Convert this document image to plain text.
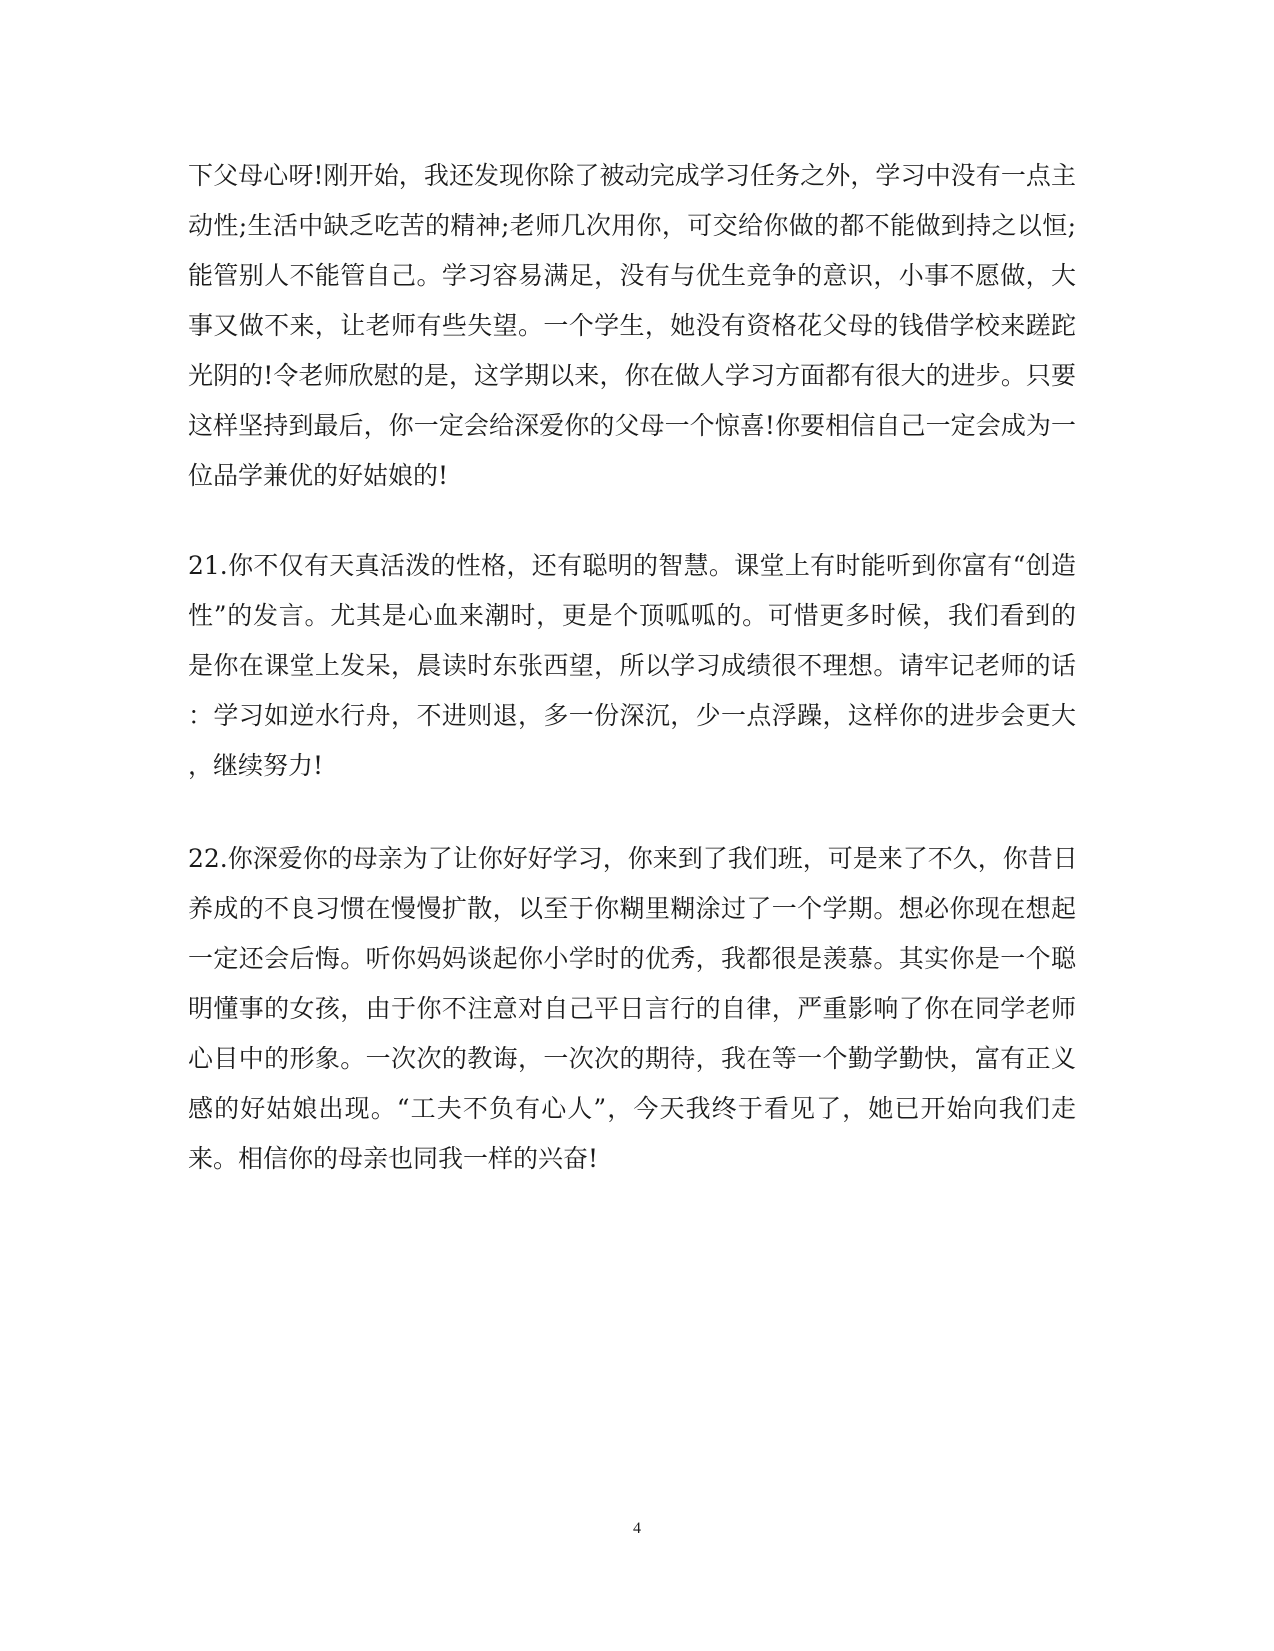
下父母心呀!刚开始，我还发现你除了被动完成学习任务之外，学习中没有一点主
动性;生活中缺乏吃苦的精神;老师几次用你，可交给你做的都不能做到持之以恒;
能管别人不能管自己。学习容易满足，没有与优生竞争的意识，小事不愿做，大
事又做不来，让老师有些失望。一个学生，她没有资格花父母的钱借学校来蹉跎
光阴的!令老师欣慰的是，这学期以来，你在做人学习方面都有很大的进步。只要
这样坚持到最后，你一定会给深爱你的父母一个惊喜!你要相信自己一定会成为一
位品学兼优的好姑娘的!
21.你不仅有天真活泼的性格，还有聪明的智慧。课堂上有时能听到你富有“创造
性”的发言。尤其是心血来潮时，更是个顶呱呱的。可惜更多时候，我们看到的
是你在课堂上发呆，晨读时东张西望，所以学习成绩很不理想。请牢记老师的话
：学习如逆水行舟，不进则退，多一份深沉，少一点浮躁，这样你的进步会更大
，继续努力!
22.你深爱你的母亲为了让你好好学习，你来到了我们班，可是来了不久，你昔日
养成的不良习惯在慢慢扩散，以至于你糊里糊涂过了一个学期。想必你现在想起
一定还会后悔。听你妈妈谈起你小学时的优秀，我都很是羡慕。其实你是一个聪
明懂事的女孩，由于你不注意对自己平日言行的自律，严重影响了你在同学老师
心目中的形象。一次次的教诲，一次次的期待，我在等一个勤学勤快，富有正义
感的好姑娘出现。“工夫不负有心人”，今天我终于看见了，她已开始向我们走
来。相信你的母亲也同我一样的兴奋!
4
